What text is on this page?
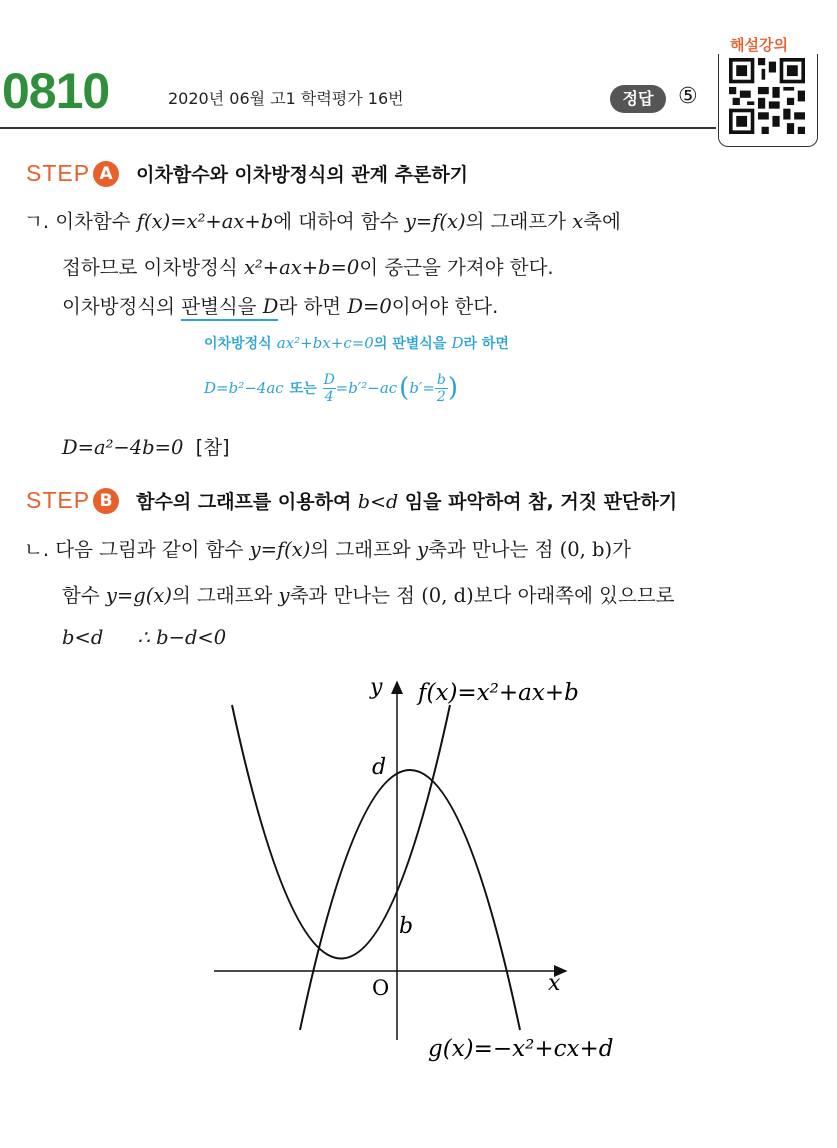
0810	2020년 06월 고1 학력평가 16번	정답	⑤
해설강의
STEP A 이차함수와 이차방정식의 관계 추론하기
ㄱ. 이차함수 f(x)=x²+ax+b에 대하여 함수 y=f(x)의 그래프가 x축에
접하므로 이차방정식 x²+ax+b=0이 중근을 가져야 한다.
이차방정식의 판별식을 D라 하면 D=0이어야 한다.
이차방정식 ax²+bx+c=0의 판별식을 D라 하면
D=b²−4ac 또는 $\frac{D}{4} =b'^2-ac$ ( $b'= \frac{b}{2}$ )
D=a²−4b=0 [참]
STEP B 함수의 그래프를 이용하여 b<d 임을 파악하여 참, 거짓 판단하기
ㄴ. 다음 그림과 같이 함수 y=f(x)의 그래프와 y축과 만나는 점 (0, b)가
함수 y=g(x)의 그래프와 y축과 만나는 점 (0, d)보다 아래쪽에 있으므로
b<d ∴ b−d<0
y
x
O
d
b
f(x)=x²+ax+b
g(x)=−x²+cx+d
